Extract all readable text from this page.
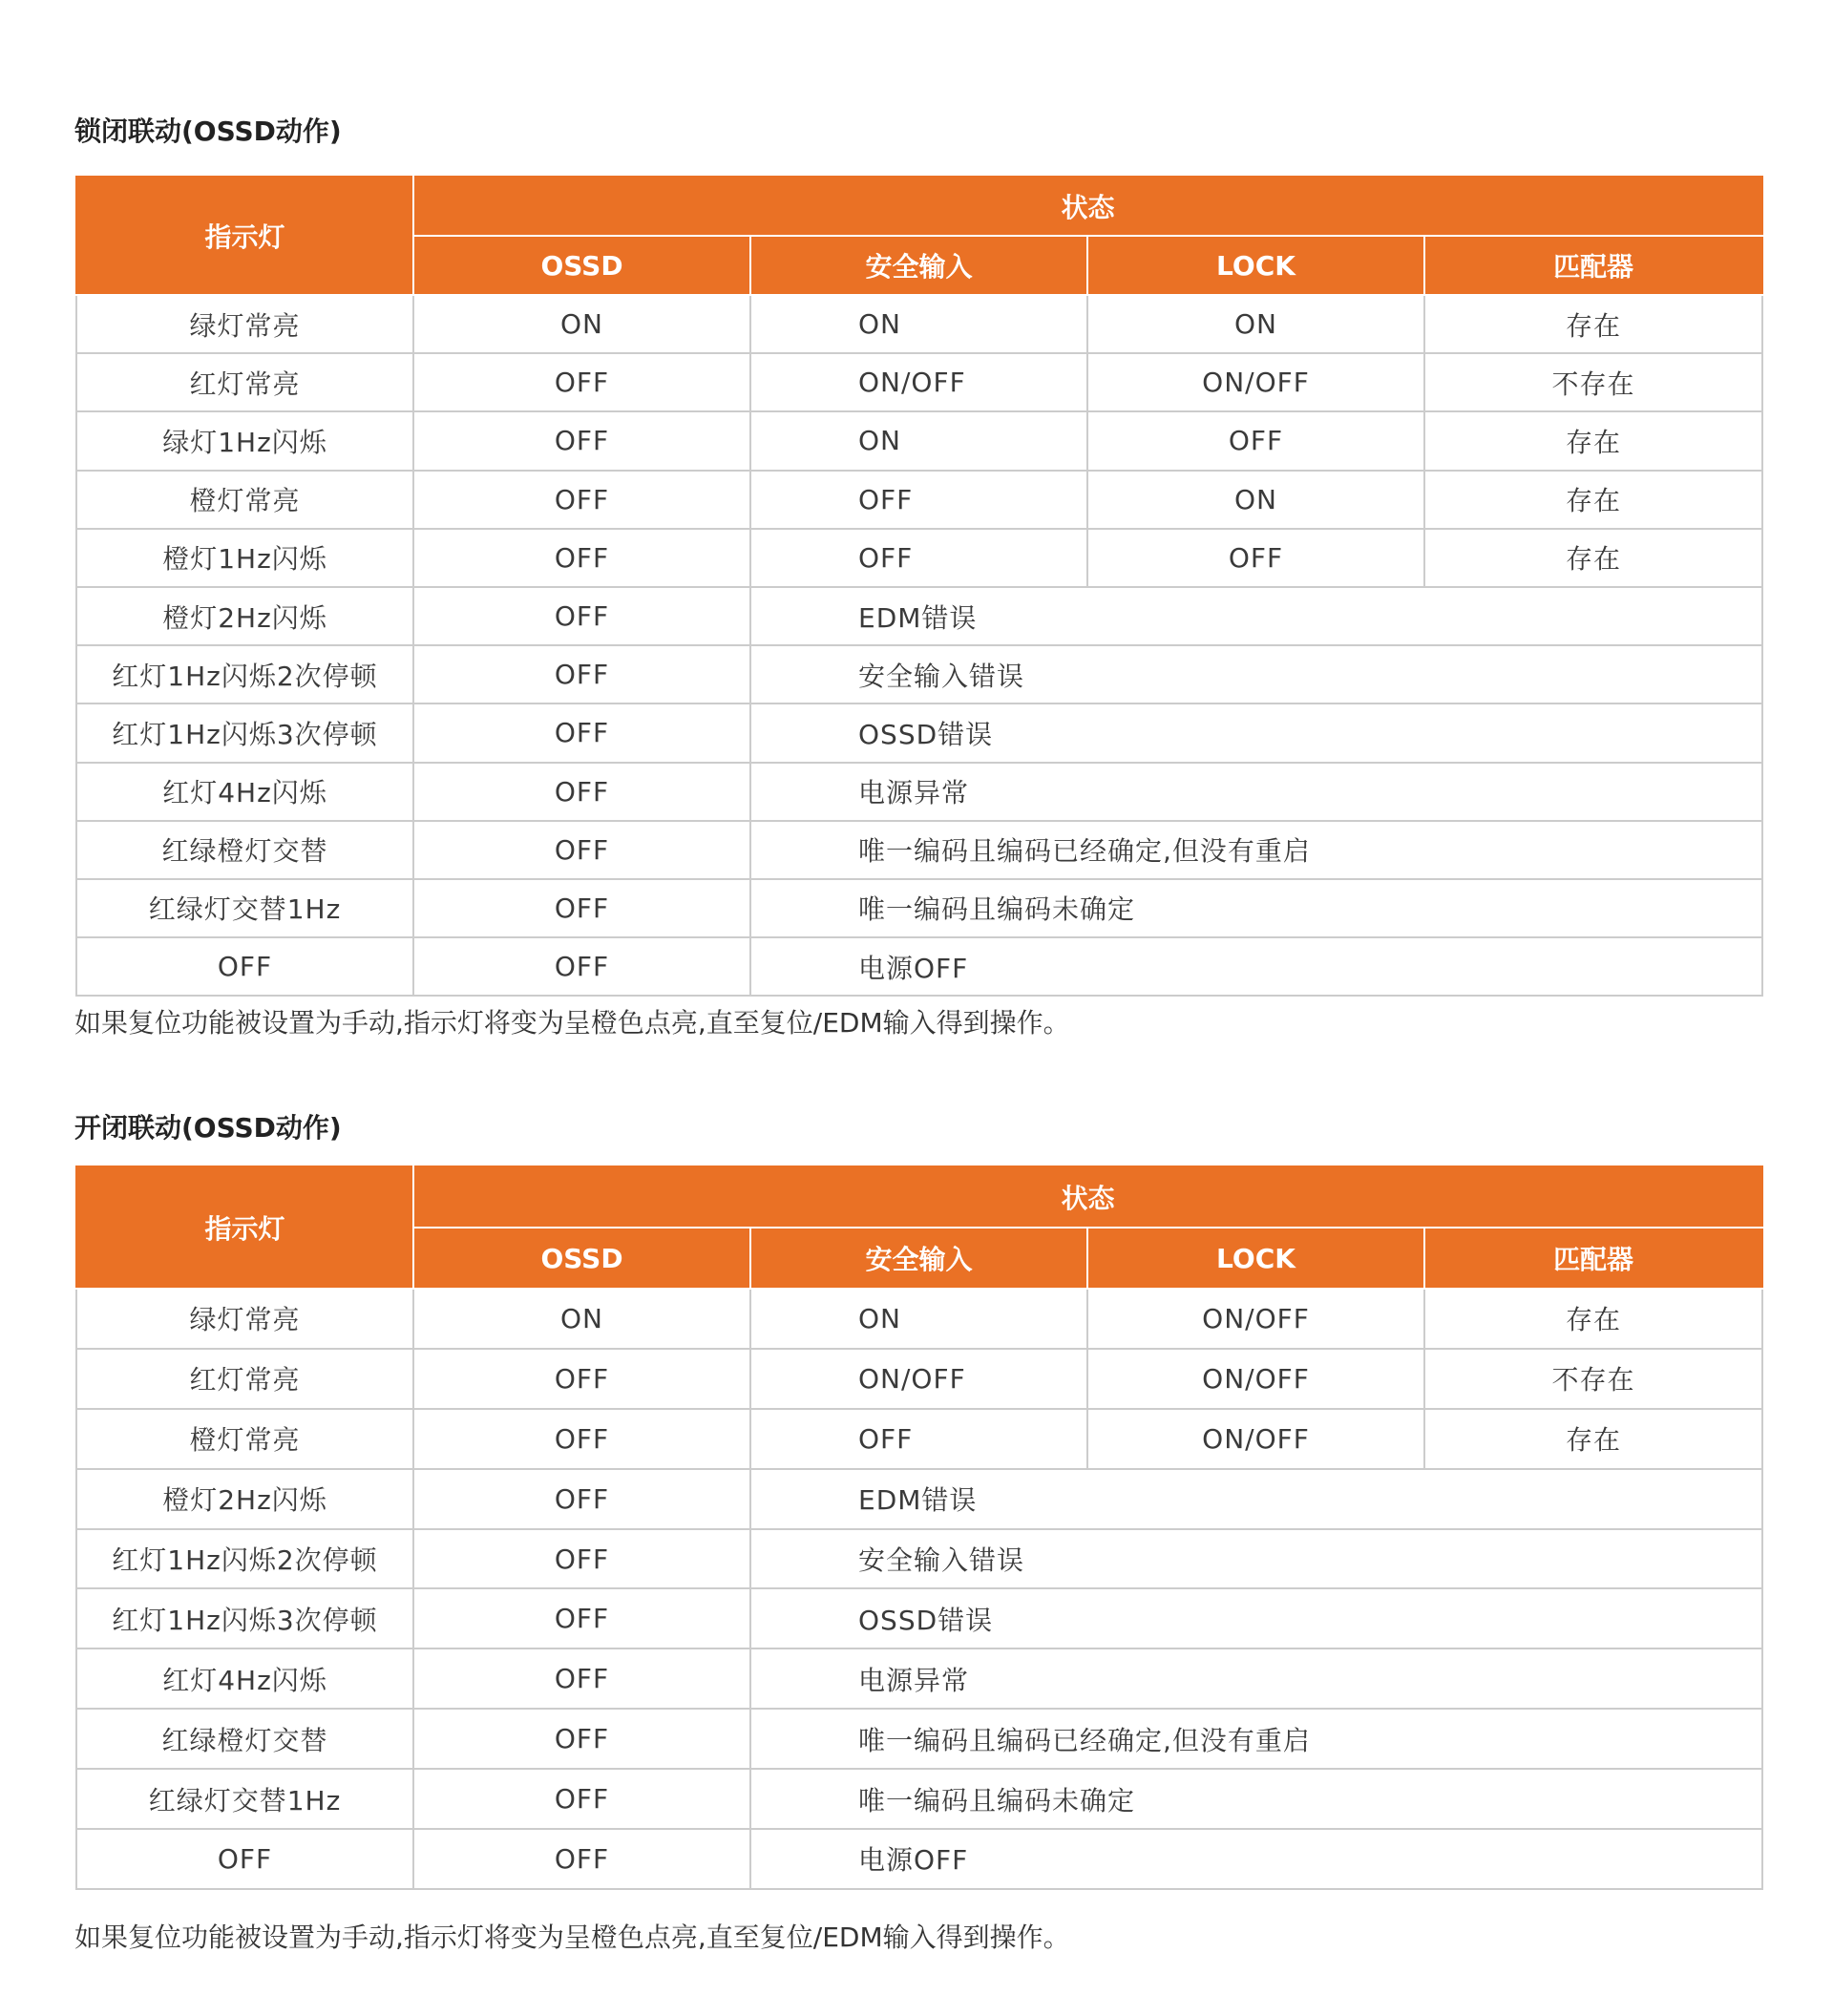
锁闭联动(OSSD动作)
指示灯	状态			
	OSSD	安全输入	LOCK	匹配器
绿灯常亮	ON	ON	ON	存在
红灯常亮	OFF	ON/OFF	ON/OFF	不存在
绿灯1Hz闪烁	OFF	ON	OFF	存在
橙灯常亮	OFF	OFF	ON	存在
橙灯1Hz闪烁	OFF	OFF	OFF	存在
橙灯2Hz闪烁	OFF	EDM错误		
红灯1Hz闪烁2次停顿	OFF	安全输入错误		
红灯1Hz闪烁3次停顿	OFF	OSSD错误		
红灯4Hz闪烁	OFF	电源异常		
红绿橙灯交替	OFF	唯一编码且编码已经确定,但没有重启		
红绿灯交替1Hz	OFF	唯一编码且编码未确定		
OFF	OFF	电源OFF		
如果复位功能被设置为手动,指示灯将变为呈橙色点亮,直至复位/EDM输入得到操作。
开闭联动(OSSD动作)
指示灯	状态			
	OSSD	安全输入	LOCK	匹配器
绿灯常亮	ON	ON	ON/OFF	存在
红灯常亮	OFF	ON/OFF	ON/OFF	不存在
橙灯常亮	OFF	OFF	ON/OFF	存在
橙灯2Hz闪烁	OFF	EDM错误		
红灯1Hz闪烁2次停顿	OFF	安全输入错误		
红灯1Hz闪烁3次停顿	OFF	OSSD错误		
红灯4Hz闪烁	OFF	电源异常		
红绿橙灯交替	OFF	唯一编码且编码已经确定,但没有重启		
红绿灯交替1Hz	OFF	唯一编码且编码未确定		
OFF	OFF	电源OFF		
如果复位功能被设置为手动,指示灯将变为呈橙色点亮,直至复位/EDM输入得到操作。
